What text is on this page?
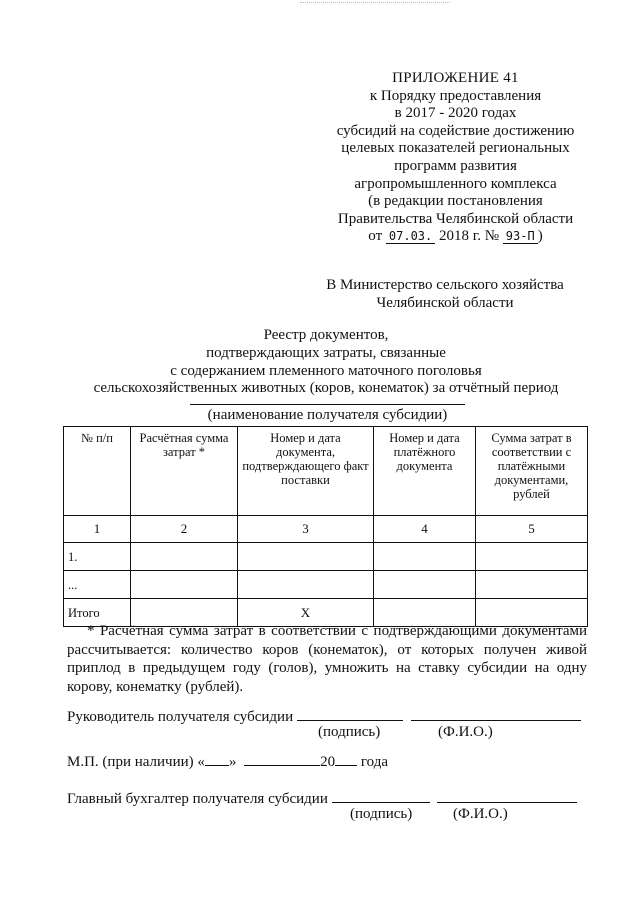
ПРИЛОЖЕНИЕ 41
к Порядку предоставления
в 2017 - 2020 годах
субсидий на содействие достижению
целевых показателей региональных
программ развития
агропромышленного комплекса
(в редакции постановления
Правительства Челябинской области
от 07.03. 2018 г. № 93-П )
В Министерство сельского хозяйства
Челябинской области
Реестр документов,
подтверждающих затраты, связанные
с содержанием племенного маточного поголовья
сельскохозяйственных животных (коров, конематок) за отчётный период
(наименование получателя субсидии)
№ п/п	Расчётная сумма затрат *	Номер и дата документа, подтверждающего факт поставки	Номер и дата платёжного документа	Сумма затрат в соответствии с платёжными документами, рублей
1	2	3	4	5
1.				
...				
Итого		Х		
* Расчётная сумма затрат в соответствии с подтверждающими документами рассчитывается: количество коров (конематок), от которых получен живой приплод в предыдущем году (голов), умножить на ставку субсидии на одну корову, конематку (рублей).
Руководитель получателя субсидии
(подпись)	(Ф.И.О.)
М.П. (при наличии) « »	20 года
Главный бухгалтер получателя субсидии
(подпись)	(Ф.И.О.)
